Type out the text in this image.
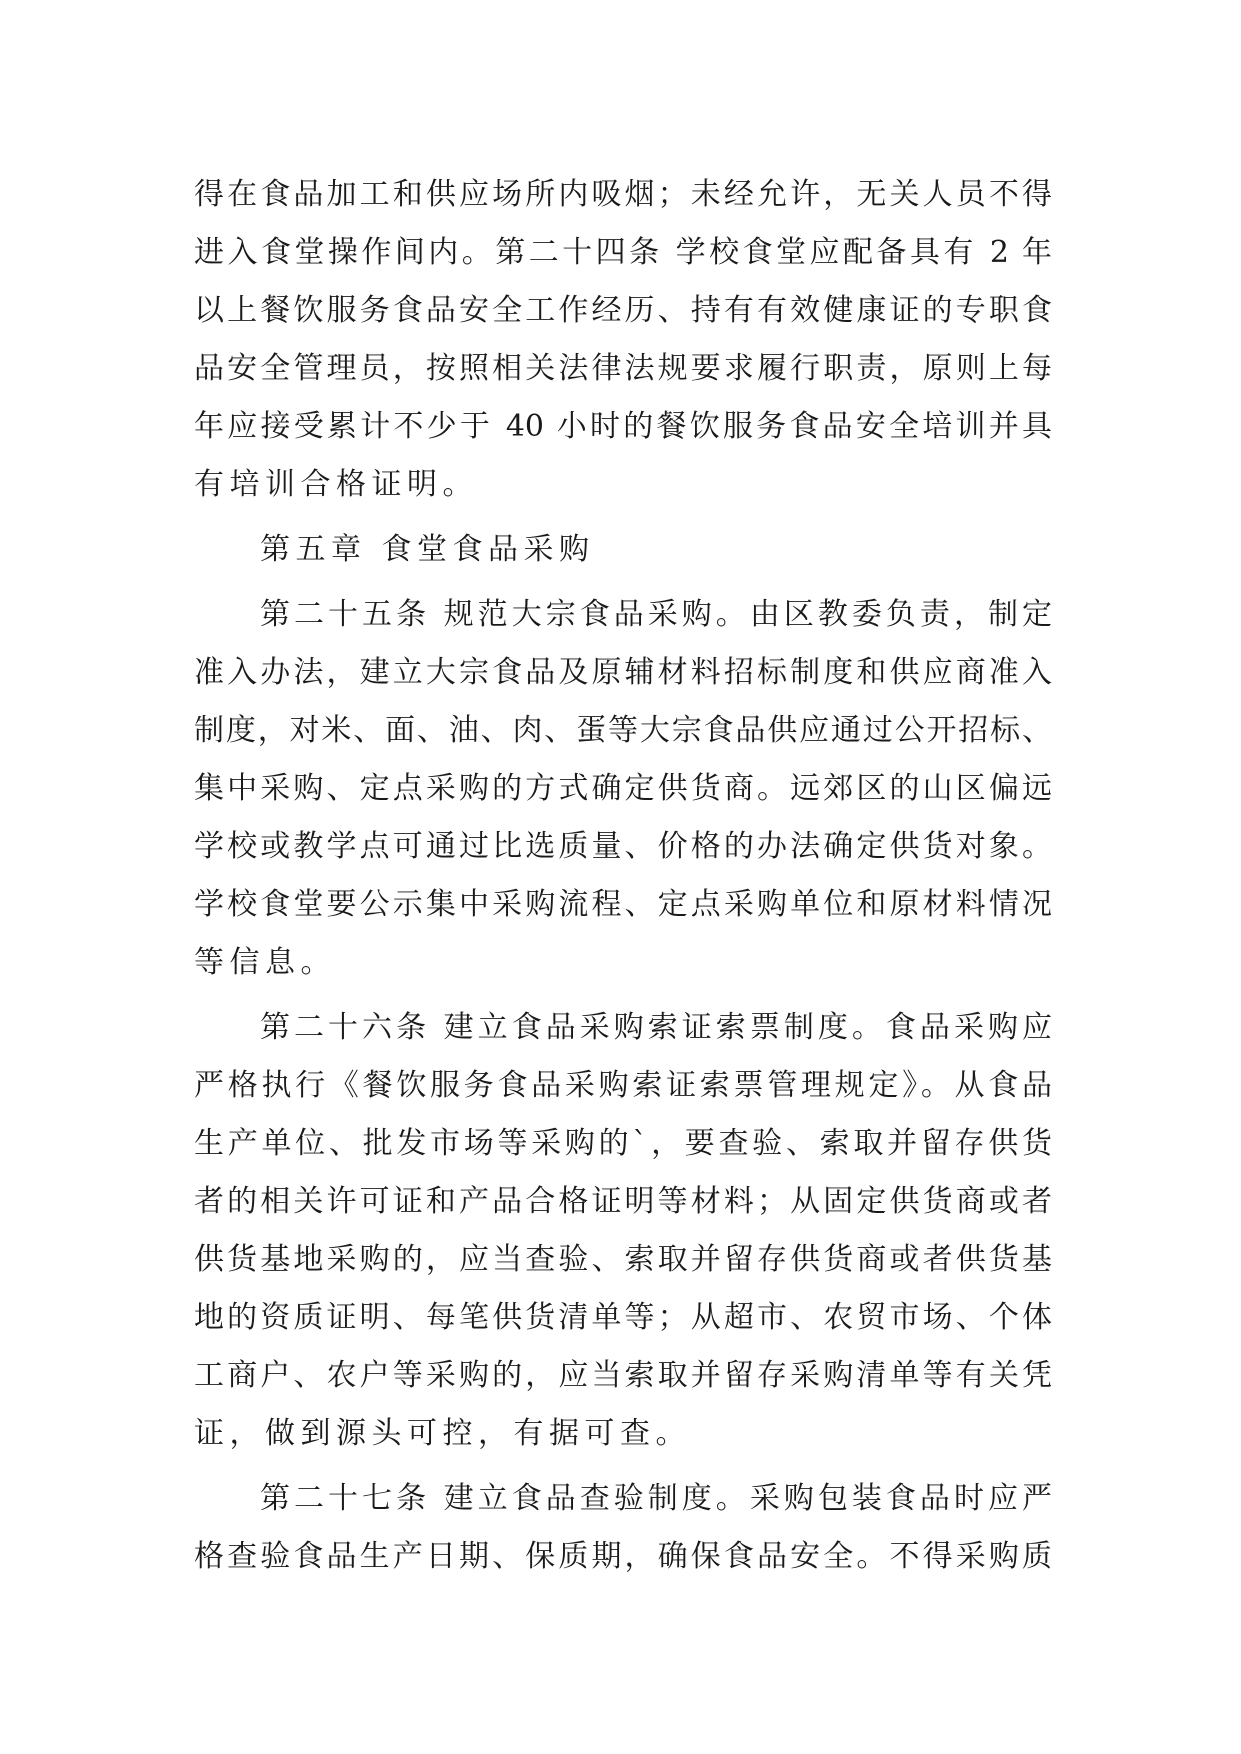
得在食品加工和供应场所内吸烟；未经允许，无关人员不得
进入食堂操作间内。第二十四条 学校食堂应配备具有 2 年
以上餐饮服务食品安全工作经历、持有有效健康证的专职食
品安全管理员，按照相关法律法规要求履行职责，原则上每
年应接受累计不少于 40 小时的餐饮服务食品安全培训并具
有培训合格证明。
第五章 食堂食品采购
第二十五条 规范大宗食品采购。由区教委负责，制定
准入办法，建立大宗食品及原辅材料招标制度和供应商准入
制度，对米、面、油、肉、蛋等大宗食品供应通过公开招标、
集中采购、定点采购的方式确定供货商。远郊区的山区偏远
学校或教学点可通过比选质量、价格的办法确定供货对象。
学校食堂要公示集中采购流程、定点采购单位和原材料情况
等信息。
第二十六条 建立食品采购索证索票制度。食品采购应
严格执行《餐饮服务食品采购索证索票管理规定》。从食品
生产单位、批发市场等采购的`，要查验、索取并留存供货
者的相关许可证和产品合格证明等材料；从固定供货商或者
供货基地采购的，应当查验、索取并留存供货商或者供货基
地的资质证明、每笔供货清单等；从超市、农贸市场、个体
工商户、农户等采购的，应当索取并留存采购清单等有关凭
证，做到源头可控，有据可查。
第二十七条 建立食品查验制度。采购包装食品时应严
格查验食品生产日期、保质期，确保食品安全。不得采购质
